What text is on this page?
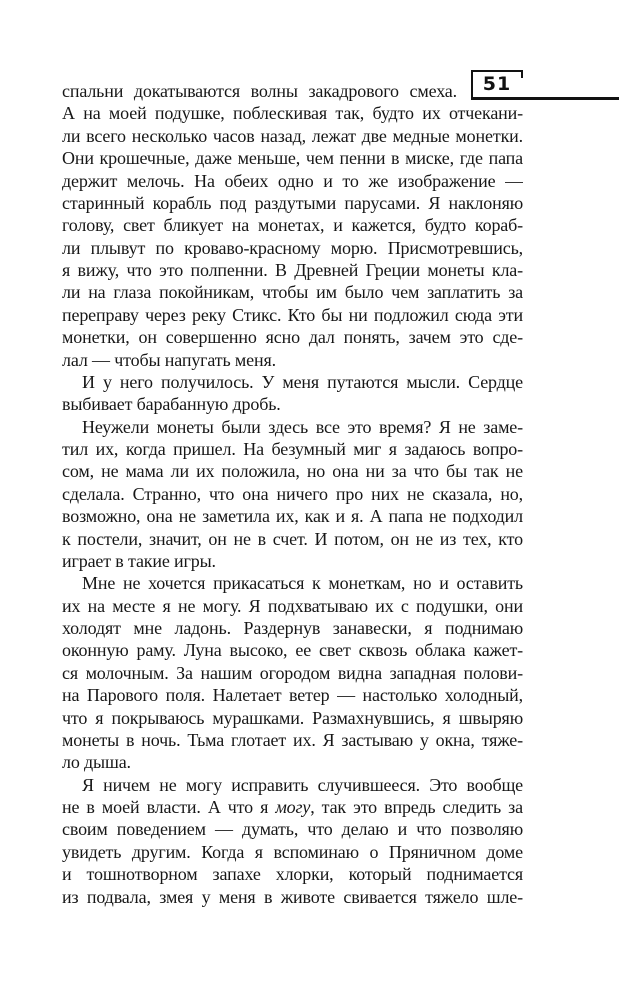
51
спальни докатываются волны закадрового смеха.
А на моей подушке, поблескивая так, будто их отчекани-
ли всего несколько часов назад, лежат две медные монетки.
Они крошечные, даже меньше, чем пенни в миске, где папа
держит мелочь. На обеих одно и то же изображение —
старинный корабль под раздутыми парусами. Я наклоняю
голову, свет бликует на монетах, и кажется, будто кораб-
ли плывут по кроваво-красному морю. Присмотревшись,
я вижу, что это полпенни. В Древней Греции монеты кла-
ли на глаза покойникам, чтобы им было чем заплатить за
переправу через реку Стикс. Кто бы ни подложил сюда эти
монетки, он совершенно ясно дал понять, зачем это сде-
лал — чтобы напугать меня.
И у него получилось. У меня путаются мысли. Сердце
выбивает барабанную дробь.
Неужели монеты были здесь все это время? Я не заме-
тил их, когда пришел. На безумный миг я задаюсь вопро-
сом, не мама ли их положила, но она ни за что бы так не
сделала. Странно, что она ничего про них не сказала, но,
возможно, она не заметила их, как и я. А папа не подходил
к постели, значит, он не в счет. И потом, он не из тех, кто
играет в такие игры.
Мне не хочется прикасаться к монеткам, но и оставить
их на месте я не могу. Я подхватываю их с подушки, они
холодят мне ладонь. Раздернув занавески, я поднимаю
оконную раму. Луна высоко, ее свет сквозь облака кажет-
ся молочным. За нашим огородом видна западная полови-
на Парового поля. Налетает ветер — настолько холодный,
что я покрываюсь мурашками. Размахнувшись, я швыряю
монеты в ночь. Тьма глотает их. Я застываю у окна, тяже-
ло дыша.
Я ничем не могу исправить случившееся. Это вообще
не в моей власти. А что я могу, так это впредь следить за
своим поведением — думать, что делаю и что позволяю
увидеть другим. Когда я вспоминаю о Пряничном доме
и тошнотворном запахе хлорки, который поднимается
из подвала, змея у меня в животе свивается тяжело шле-
